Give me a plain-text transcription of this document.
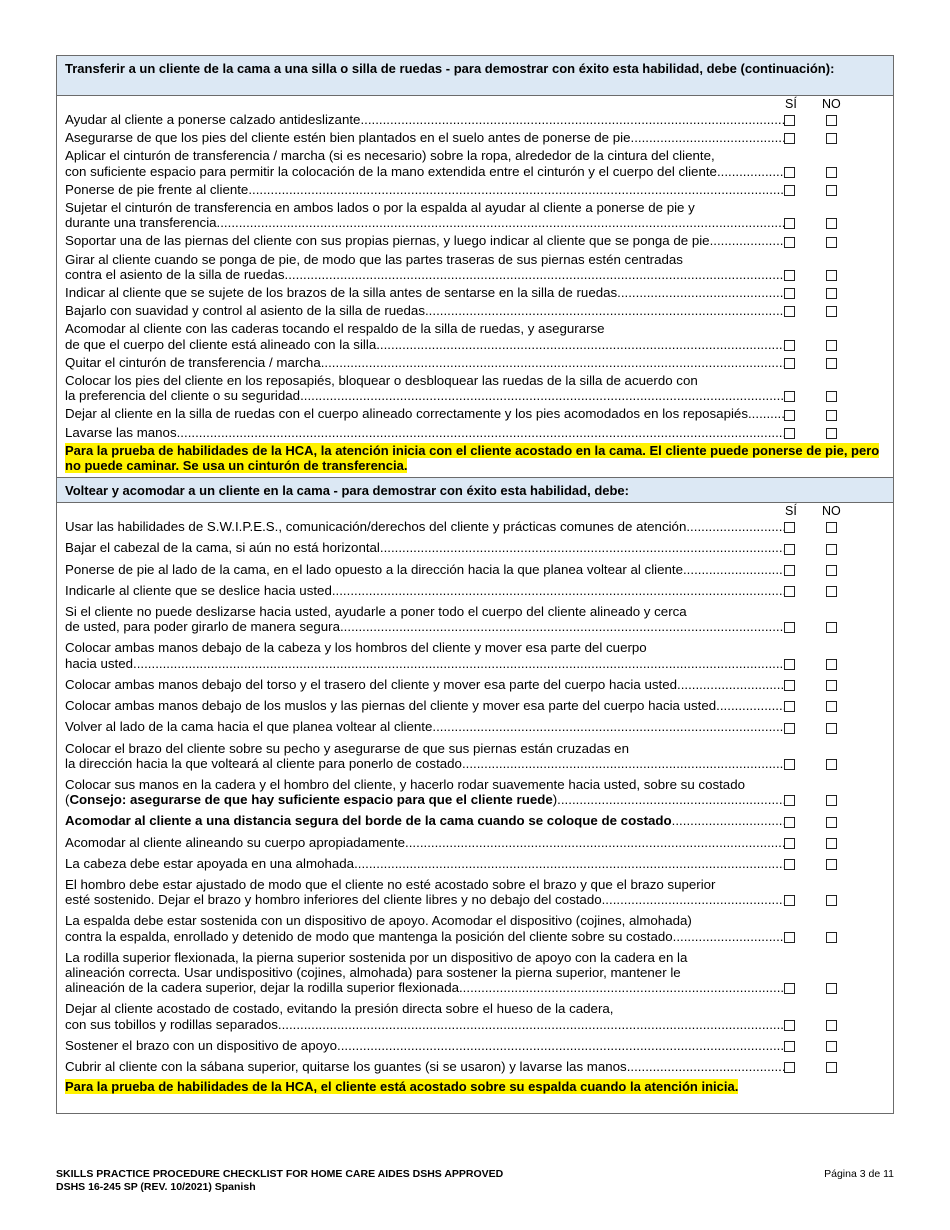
Transferir a un cliente de la cama a una silla o silla de ruedas - para demostrar con éxito esta habilidad, debe (continuación):
SÍ NO
Ayudar al cliente a ponerse calzado antideslizante
.....
Asegurarse de que los pies del cliente estén bien plantados en el suelo antes de ponerse de pie
.....
Aplicar el cinturón de transferencia / marcha (si es necesario) sobre la ropa, alrededor de la cintura del cliente,
con suficiente espacio para permitir la colocación de la mano extendida entre el cinturón y el cuerpo del cliente
.....
Ponerse de pie frente al cliente
.....
Sujetar el cinturón de transferencia en ambos lados o por la espalda al ayudar al cliente a ponerse de pie y
durante una transferencia
.....
Soportar una de las piernas del cliente con sus propias piernas, y luego indicar al cliente que se ponga de pie
.....
Girar al cliente cuando se ponga de pie, de modo que las partes traseras de sus piernas estén centradas
contra el asiento de la silla de ruedas
.....
Indicar al cliente que se sujete de los brazos de la silla antes de sentarse en la silla de ruedas
.....
Bajarlo con suavidad y control al asiento de la silla de ruedas
.....
Acomodar al cliente con las caderas tocando el respaldo de la silla de ruedas, y asegurarse
de que el cuerpo del cliente está alineado con la silla
.....
Quitar el cinturón de transferencia / marcha
.....
Colocar los pies del cliente en los reposapiés, bloquear o desbloquear las ruedas de la silla de acuerdo con
la preferencia del cliente o su seguridad
.....
Dejar al cliente en la silla de ruedas con el cuerpo alineado correctamente y los pies acomodados en los reposapiés
.....
Lavarse las manos
.....
Para la prueba de habilidades de la HCA, la atención inicia con el cliente acostado en la cama. El cliente puede ponerse de pie, pero no puede caminar. Se usa un cinturón de transferencia.
Voltear y acomodar a un cliente en la cama - para demostrar con éxito esta habilidad, debe:
SÍ NO
Usar las habilidades de S.W.I.P.E.S., comunicación/derechos del cliente y prácticas comunes de atención
.....
Bajar el cabezal de la cama, si aún no está horizontal
.....
Ponerse de pie al lado de la cama, en el lado opuesto a la dirección hacia la que planea voltear al cliente
.....
Indicarle al cliente que se deslice hacia usted
.....
Si el cliente no puede deslizarse hacia usted, ayudarle a poner todo el cuerpo del cliente alineado y cerca
de usted, para poder girarlo de manera segura
.....
Colocar ambas manos debajo de la cabeza y los hombros del cliente y mover esa parte del cuerpo
hacia usted.
.....
Colocar ambas manos debajo del torso y el trasero del cliente y mover esa parte del cuerpo hacia usted
.....
Colocar ambas manos debajo de los muslos y las piernas del cliente y mover esa parte del cuerpo hacia usted
.....
Volver al lado de la cama hacia el que planea voltear al cliente
.....
Colocar el brazo del cliente sobre su pecho y asegurarse de que sus piernas están cruzadas en
la dirección hacia la que volteará al cliente para ponerlo de costado
.....
Colocar sus manos en la cadera y el hombro del cliente, y hacerlo rodar suavemente hacia usted, sobre su costado
(Consejo: asegurarse de que hay suficiente espacio para que el cliente ruede)
.....
Acomodar al cliente a una distancia segura del borde de la cama cuando se coloque de costado
.....
Acomodar al cliente alineando su cuerpo apropiadamente
.....
La cabeza debe estar apoyada en una almohada
.....
El hombro debe estar ajustado de modo que el cliente no esté acostado sobre el brazo y que el brazo superior
esté sostenido. Dejar el brazo y hombro inferiores del cliente libres y no debajo del costado
.....
La espalda debe estar sostenida con un dispositivo de apoyo. Acomodar el dispositivo (cojines, almohada)
contra la espalda, enrollado y detenido de modo que mantenga la posición del cliente sobre su costado
.....
La rodilla superior flexionada, la pierna superior sostenida por un dispositivo de apoyo con la cadera en la
alineación correcta. Usar undispositivo (cojines, almohada) para sostener la pierna superior, mantener le
alineación de la cadera superior, dejar la rodilla superior flexionada
.....
Dejar al cliente acostado de costado, evitando la presión directa sobre el hueso de la cadera,
con sus tobillos y rodillas separados
.....
Sostener el brazo con un dispositivo de apoyo
.....
Cubrir al cliente con la sábana superior, quitarse los guantes (si se usaron) y lavarse las manos
.....
Para la prueba de habilidades de la HCA, el cliente está acostado sobre su espalda cuando la atención inicia.
SKILLS PRACTICE PROCEDURE CHECKLIST FOR HOME CARE AIDES DSHS APPROVED
DSHS 16-245 SP (REV. 10/2021) Spanish
Página 3 de 11
